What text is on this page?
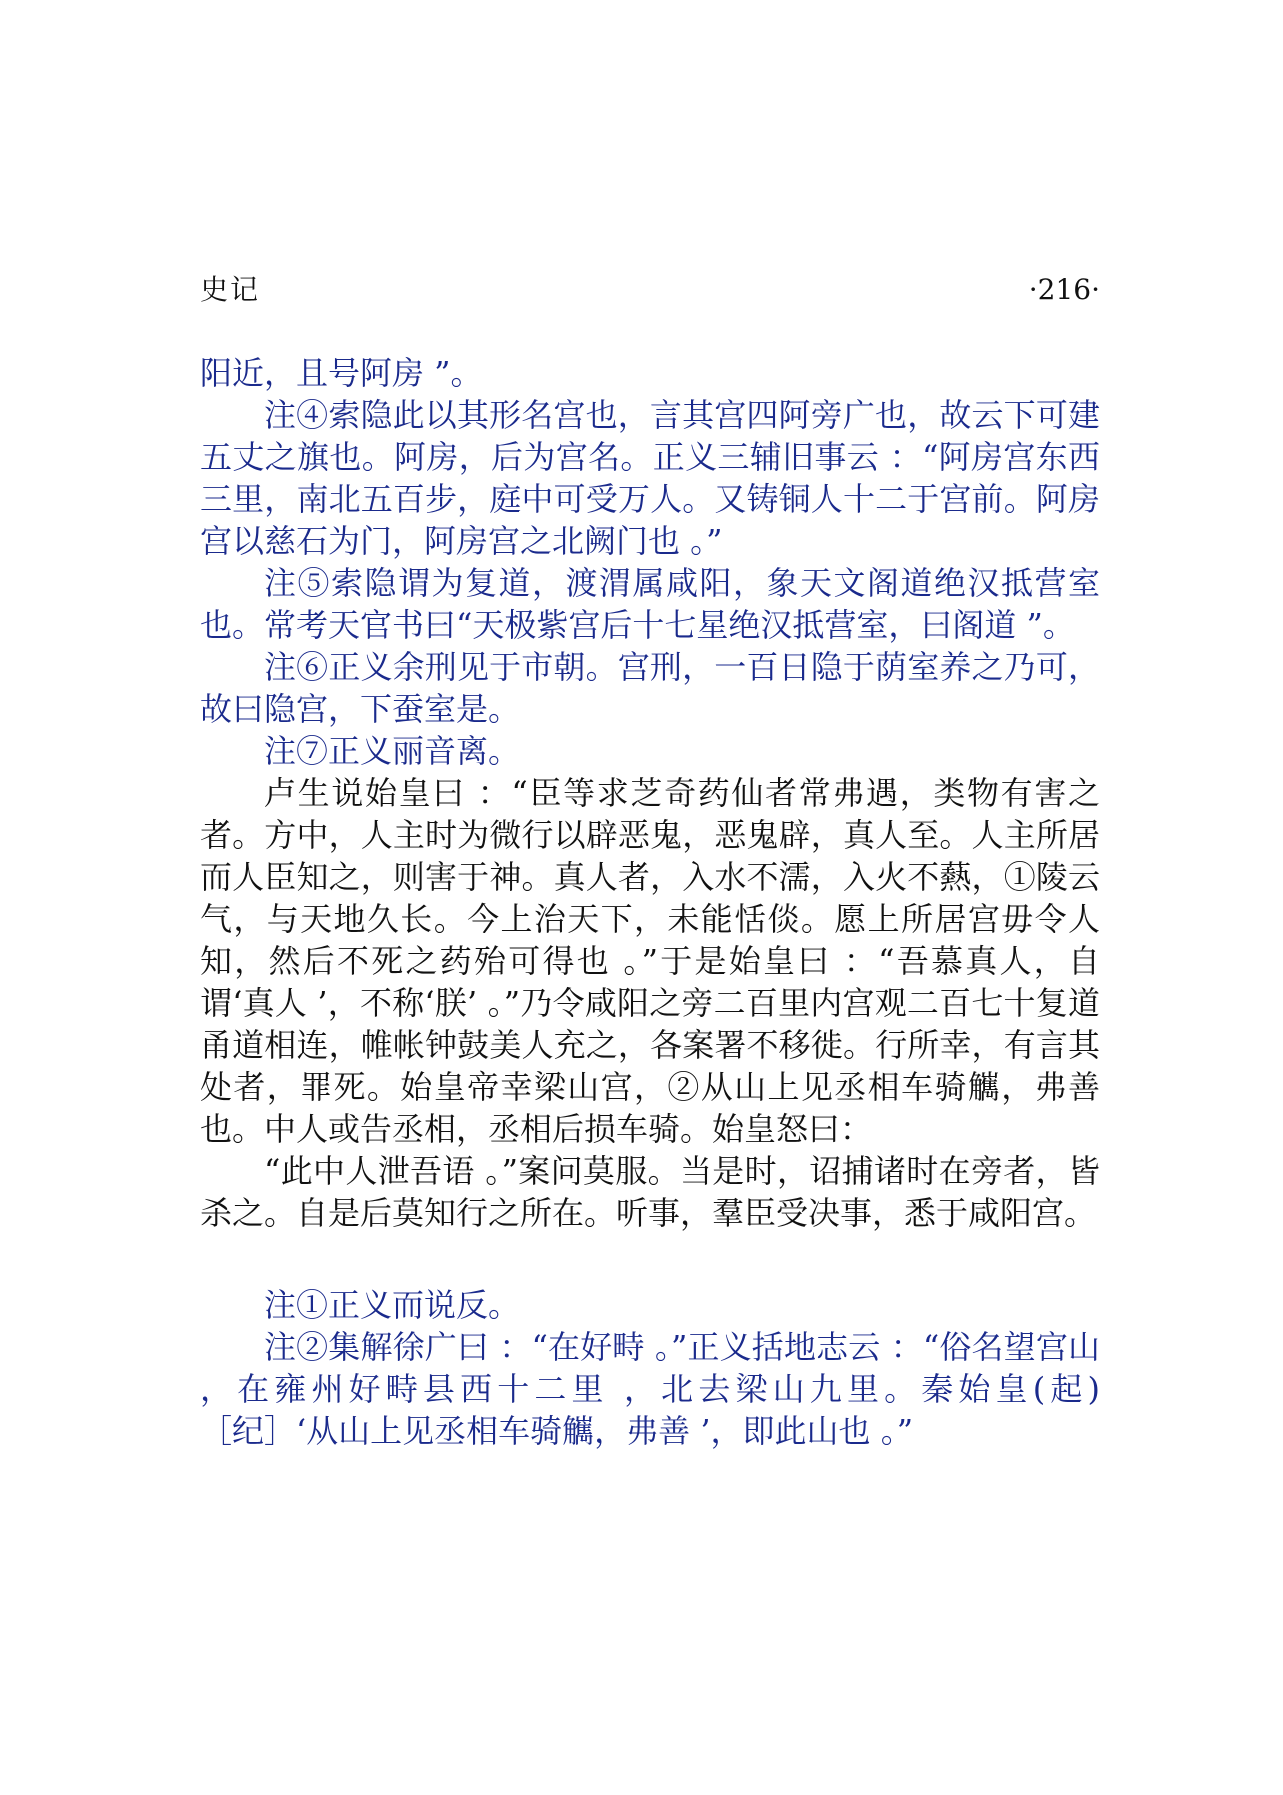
史记	·216·

阳近，且号阿房 ”。

注④索隐此以其形名宫也，言其宫四阿旁广也，故云下可建五丈之旗也。阿房，后为宫名。正义三辅旧事云 ：“阿房宫东西三里，南北五百步，庭中可受万人。又铸铜人十二于宫前。阿房宫以慈石为门，阿房宫之北阙门也 。”

注⑤索隐谓为复道，渡渭属咸阳，象天文阁道绝汉抵营室也。常考天官书曰“天极紫宫后十七星绝汉抵营室，曰阁道 ”。

注⑥正义余刑见于市朝。宫刑，一百日隐于荫室养之乃可，故曰隐宫，下蚕室是。

注⑦正义丽音离。

卢生说始皇曰 ：“臣等求芝奇药仙者常弗遇，类物有害之者。方中，人主时为微行以辟恶鬼，恶鬼辟，真人至。人主所居而人臣知之，则害于神。真人者，入水不濡，入火不爇，①陵云气，与天地久长。今上治天下，未能恬倓。愿上所居宫毋令人知，然后不死之药殆可得也 。”于是始皇曰 ：“吾慕真人，自谓‘真人 ’，不称‘朕’ 。”乃令咸阳之旁二百里内宫观二百七十复道甬道相连，帷帐钟鼓美人充之，各案署不移徙。行所幸，有言其处者，罪死。始皇帝幸梁山宫，②从山上见丞相车骑觽，弗善也。中人或告丞相，丞相后损车骑。始皇怒曰：

“此中人泄吾语 。”案问莫服。当是时，诏捕诸时在旁者，皆杀之。自是后莫知行之所在。听事，羣臣受决事，悉于咸阳宫。

注①正义而说反。

注②集解徐广曰 ：“在好畤 。”正义括地志云 ：“俗名望宫山 ，在雍州好畤县西十二里 ，北去梁山九里。秦始皇(起)［纪］‘从山上见丞相车骑觽，弗善 ’，即此山也 。”
